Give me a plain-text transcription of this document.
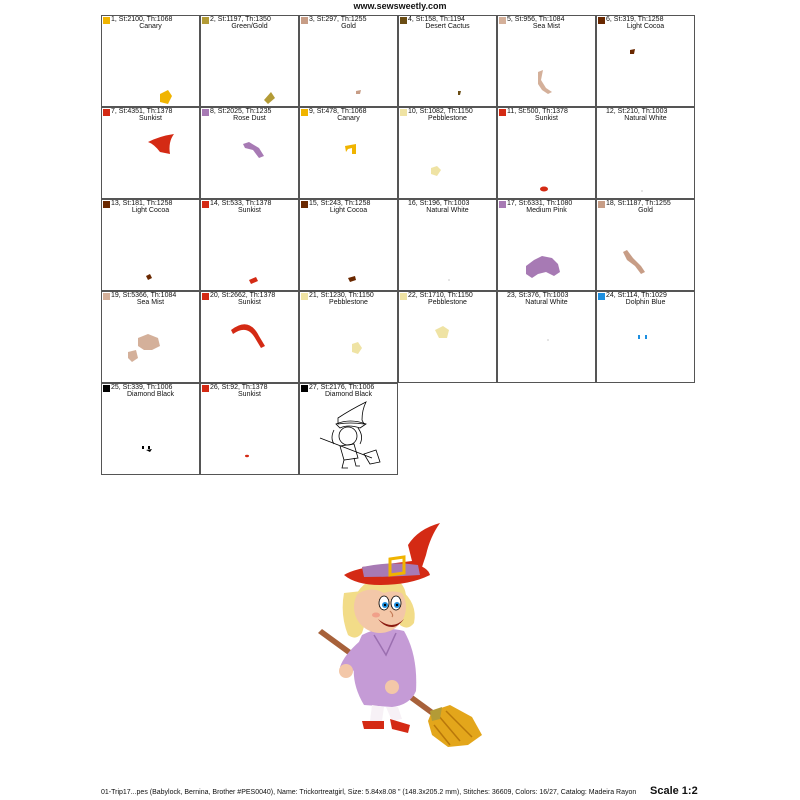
www.sewsweetly.com
1, St:2100, Th:1068
Canary
2, St:1197, Th:1350
Green/Gold
3, St:297, Th:1255
Gold
4, St:158, Th:1194
Desert Cactus
5, St:956, Th:1084
Sea Mist
6, St:319, Th:1258
Light Cocoa
7, St:4351, Th:1378
Sunkist
8, St:2025, Th:1235
Rose Dust
9, St:478, Th:1068
Canary
10, St:1082, Th:1150
Pebblestone
11, St:500, Th:1378
Sunkist
12, St:210, Th:1003
Natural White
13, St:181, Th:1258
Light Cocoa
14, St:533, Th:1378
Sunkist
15, St:243, Th:1258
Light Cocoa
16, St:196, Th:1003
Natural White
17, St:6331, Th:1080
Medium Pink
18, St:1187, Th:1255
Gold
19, St:5366, Th:1084
Sea Mist
20, St:2662, Th:1378
Sunkist
21, St:1230, Th:1150
Pebblestone
22, St:1710, Th:1150
Pebblestone
23, St:376, Th:1003
Natural White
24, St:114, Th:1029
Dolphin Blue
25, St:339, Th:1006
Diamond Black
26, St:92, Th:1378
Sunkist
27, St:2176, Th:1006
Diamond Black
01-Trip17...pes (Babylock, Bernina, Brother #PES0040), Name: Trickortreatgirl, Size: 5.84x8.08 " (148.3x205.2 mm), Stitches: 36609, Colors: 16/27, Catalog: Madeira Rayon	Scale 1:2
